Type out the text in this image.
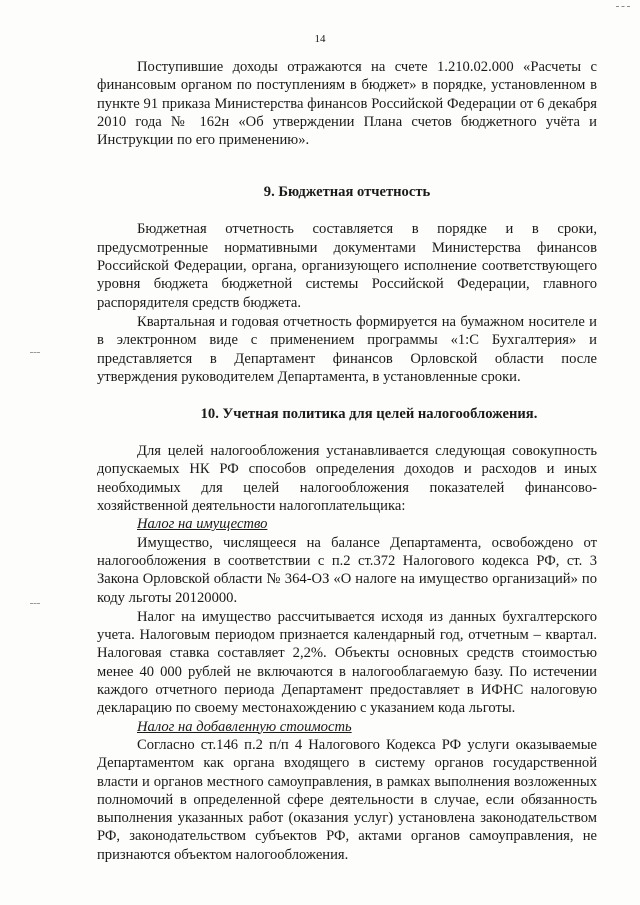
14

Поступившие доходы отражаются на счете 1.210.02.000 «Расчеты с финансовым органом по поступлениям в бюджет» в порядке, установленном в пункте 91 приказа Министерства финансов Российской Федерации от 6 декабря 2010 года № 162н «Об утверждении Плана счетов бюджетного учёта и Инструкции по его применению».

9. Бюджетная отчетность

Бюджетная отчетность составляется в порядке и в сроки, предусмотренные нормативными документами Министерства финансов Российской Федерации, органа, организующего исполнение соответствующего уровня бюджета бюджетной системы Российской Федерации, главного распорядителя средств бюджета.

Квартальная и годовая отчетность формируется на бумажном носителе и в электронном виде с применением программы «1:С Бухгалтерия» и представляется в Департамент финансов Орловской области после утверждения руководителем Департамента, в установленные сроки.

10. Учетная политика для целей налогообложения.

Для целей налогообложения устанавливается следующая совокупность допускаемых НК РФ способов определения доходов и расходов и иных необходимых для целей налогообложения показателей финансово-хозяйственной деятельности налогоплательщика:

Налог на имущество

Имущество, числящееся на балансе Департамента, освобождено от налогообложения в соответствии с п.2 ст.372 Налогового кодекса РФ, ст. 3 Закона Орловской области № 364-ОЗ «О налоге на имущество организаций» по коду льготы 20120000.

Налог на имущество рассчитывается исходя из данных бухгалтерского учета. Налоговым периодом признается календарный год, отчетным – квартал. Налоговая ставка составляет 2,2%. Объекты основных средств стоимостью менее 40 000 рублей не включаются в налогооблагаемую базу. По истечении каждого отчетного периода Департамент предоставляет в ИФНС налоговую декларацию по своему местонахождению с указанием кода льготы.

Налог на добавленную стоимость

Согласно ст.146 п.2 п/п 4 Налогового Кодекса РФ услуги оказываемые Департаментом как органа входящего в систему органов государственной власти и органов местного самоуправления, в рамках выполнения возложенных полномочий в определенной сфере деятельности в случае, если обязанность выполнения указанных работ (оказания услуг) установлена законодательством РФ, законодательством субъектов РФ, актами органов самоуправления, не признаются объектом налогообложения.
